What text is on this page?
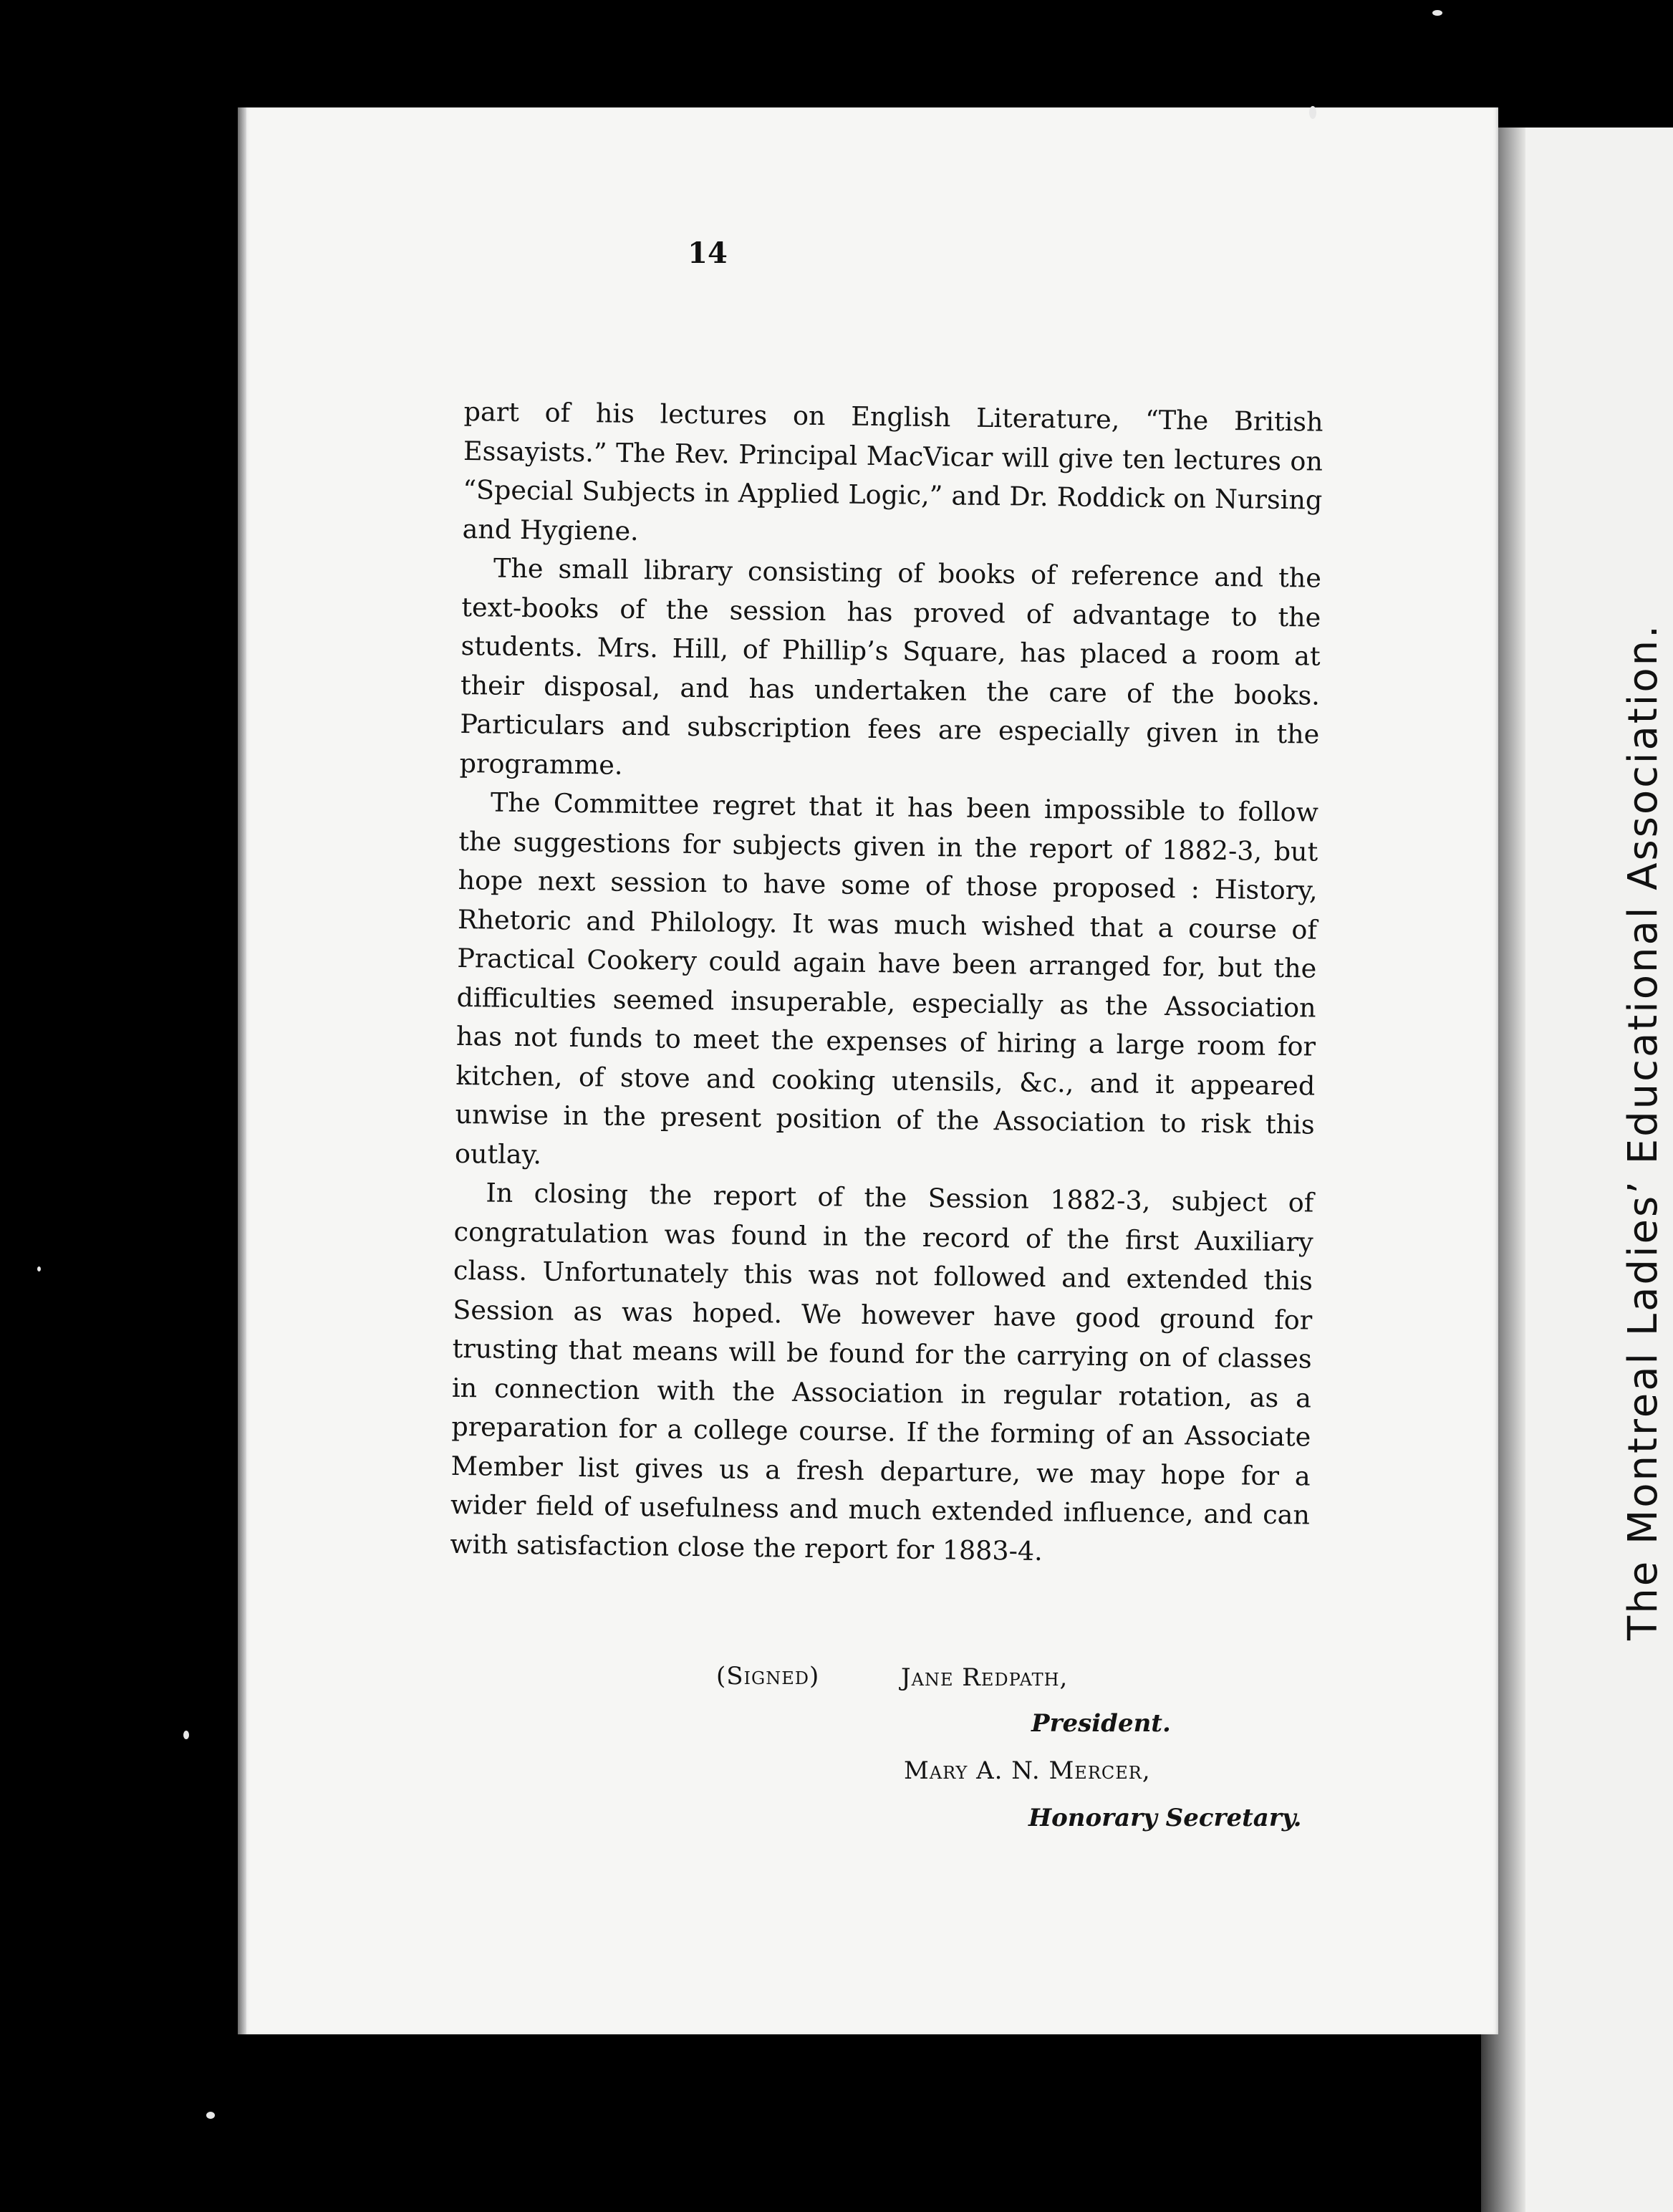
The Montreal Ladies’ Educational Association.
14

part of his lectures on English Literature, “The British Essayists.” The Rev. Principal MacVicar will give ten lectures on “Special Subjects in Applied Logic,” and Dr. Roddick on Nursing and Hygiene.

The small library consisting of books of reference and the text-books of the session has proved of advantage to the students. Mrs. Hill, of Phillip’s Square, has placed a room at their disposal, and has undertaken the care of the books. Particulars and subscription fees are especially given in the programme.

The Committee regret that it has been impossible to follow the suggestions for subjects given in the report of 1882-3, but hope next session to have some of those proposed : History, Rhetoric and Philology. It was much wished that a course of Practical Cookery could again have been arranged for, but the difficulties seemed insuperable, especially as the Association has not funds to meet the expenses of hiring a large room for kitchen, of stove and cooking utensils, &c., and it appeared unwise in the present position of the Association to risk this outlay.

In closing the report of the Session 1882-3, subject of congratulation was found in the record of the first Auxiliary class. Unfortunately this was not followed and extended this Session as was hoped. We however have good ground for trusting that means will be found for the carrying on of classes in connection with the Association in regular rotation, as a preparation for a college course. If the forming of an Associate Member list gives us a fresh departure, we may hope for a wider field of usefulness and much extended influence, and can with satisfaction close the report for 1883-4.

(Signed)	Jane Redpath,
President.
Mary A. N. Mercer,
Honorary Secretary.
